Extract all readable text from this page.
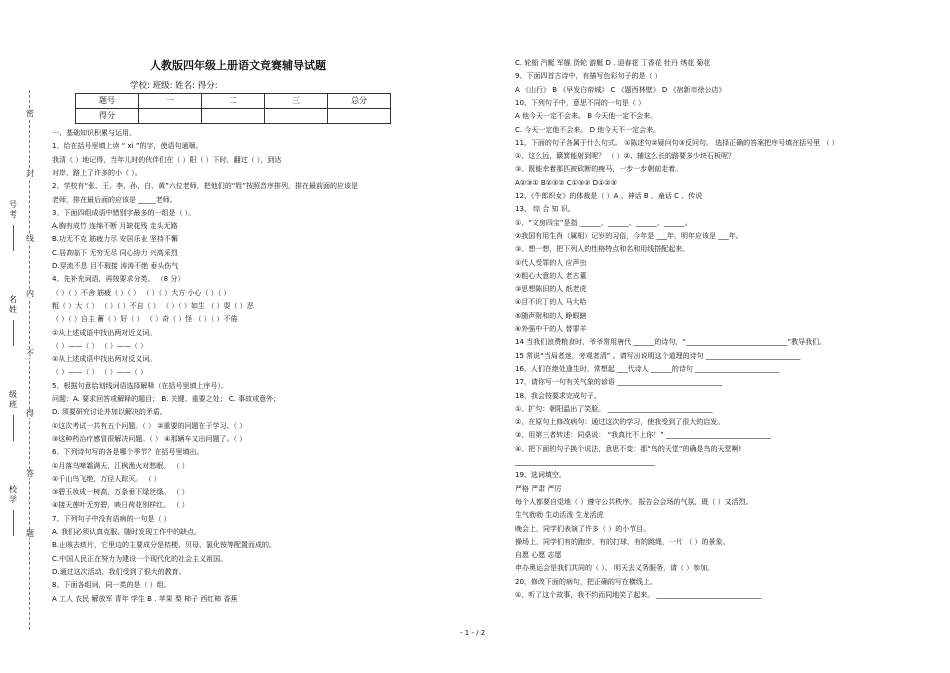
密
封
线
内
不
得
答
题
号考
名姓
级班
校学
人教版四年级上册语文竞赛辅导试题
学校: 班级: 姓名: 得分:
题号	一	二	三	总分
得分				
一、基础知识积累与运用。
1、给在括号里填上读 “ xì ”的字，使语句通顺。
我清（ ）地记得，当年儿时的伙伴们在（ ）阳（ ）下时，翻过（ ），到达
对岸，路上了许多的小（ ）。
2、学校有“张、王、李、孙、白、黄”六位老师，把他们的“姓”按照音序排列，排在最前面的应该是
老师，排在最后面的应该是 _____老师。
3、下面四组成语中错别字最多的一组是（ ）。
A.胸有成竹 连绵不断 月缺花残 走头无路
B.功无不克 筋疲力尽 安居乐业 坚持不懈
C.居高临下 无穷无尽 同心协力 兴高采烈
D.穿流不息 目不瑕接 涛涛不绝 垂头伤气
4、先补充词语，再按要求分类。 （8 分）
（ ）（ ）不舍 筋疲（ ）（ ） （ ）（ ）大方 小心（ ）（ ）
粗（ ）大（ ） （ ）（ ）不自（ ） （ ）（ ）如生 （ ）耍（ ）恶
（ ）（ ）自主 蓄（ ）好（ ） （ ）奇（ ）怪 （ ）（ ）不倦
①从上述成语中找出两对近义词。
（ ）——（ ） （ ）——（ ）
②从上述成语中找出两对反义词。
（ ）——（ ） （ ）——（ ）
5、根据句意给划线词语选择解释（在括号里填上序号）。
问题：A. 要求回答或解释的题目； B. 关键、重要之处； C. 事故或意外；
D. 须要研究讨论并加以解决的矛盾。
①这次考试一共有五个问题。（ ） ②重要的问题在于学习。（ ）
③这种药治疗感冒很解决问题。（ ） ④那辆车又出问题了。（ ）
6、下列诗句写的各是哪个季节？在括号里填出。
①月落乌啼霜满天，江枫渔火对愁眠。 （ ）
②千山鸟飞绝，万径人踪灭。 （ ）
③碧玉妆成一树高，万条垂下绿丝绦。 （ ）
④接天莲叶无穷碧，映日荷花别样红。 （ ）
7、下列句子中没有语病的一句是（ ）
A. 我们必须认真克服、随时发现工作中的缺点。
B.止咳去痰片，它里边的主要成分是桔梗、贝母、氯化铵等配置而成的。
C.中国人民正在努力为建设一个现代化的社会主义祖国。
D.通过这次活动，我们受到了很大的教育。
8、下面各组词，同一类的是（ ）组。
A 工人 农民 解放军 青年 学生 B . 苹果 梨 柿子 西红柿 香蕉
C. 轮船 汽艇 军舰 货轮 游艇 D . 迎春花 丁香花 牡丹 绣花 菊花
9、下面四首古诗中，有描写色彩句子的是（ ）
A 《山行》 B 《早发白帝城》 C 《题西林壁》 D 《宿新市徐公店》
10、下列句子中，意思不同的一句是（ ）
A 他今天一定不会来。 B 今天他一定不会来。
C. 今天一定他不会来。 D 他今天不一定会来。
11、下面的句子各属于什么句式。 ①陈述句②疑问句③反问句。 选择正确的答案把序号填在括号里 （ ）
①、这么远，簸箕能射到呢？ （ ）②、辅这么长的路要多少块石板呢？
③、既能幸着那匹被砍断的瘦马，一步一步朝前走着。
A②③① B②③② C①③② D①②③
12、《牛郎织女》的体裁是（ ）A 、神话 B 、童话 C 、传说
13、 综 合 知 识。
①、“文房四宝”是指 ______、______、______、______。
②我国有用生肖（属相）记岁的习俗，今年是 ___年，明年应该是 ___年。
③、想一想，把下列人的性格特点和名和用线搭配起来。
①代人受罪的人 应声虫
②粗心大意的人 老古董
③思想陈旧的人 纸老虎
④目不识丁的人 马大哈
⑤随声附和的人 睁眼瞎
⑥外强中干的人 替罪羊
14 当我们浪费粮食时，爷爷常用唐代 ______的诗句，“_____________________________”教导我们。
15 常说“当局者迷，旁观者清” 。请写出说明这个道理的诗句 ___________________________
16、人们在绝处逢生时，常想起 ___代诗人 ______的诗句 ________________________
17、请你写一句有关气象的谚语 ______________________________
18、我会按要求完成句子。
①、扩句：朝阳温出了笑脸。 ______________________________
②、在原句上修改病句：通过这次的学习，使我受到了很大的启发。
③、用第三者转述：同桌说： “我真比不上你！” ______________________________
④、把下面的句子换个说法，意思不变：那“鸟的天堂”的确是鸟的天堂啊!
________________________________________
19、选词填空。
严格 严肃 严厉
每个人都要自觉地（ ）遵守公共秩序。 报告会会场的气氛，既（ ）又活烈。
生气勃勃 生动活泼 生龙活虎
晚会上，同学们表演了许多（ ）的小节目。
操场上，同学们有的跑步，有的打球，有的跳绳，一片 （ ）的景象。
自愿 心愿 志愿
申办奥运会是我们共同的（ ）。 明天去义务服务，请（ ）参加。
20、修改下面的病句，把正确的写在横线上。
①、听了这个故事，我不约而同地笑了起来。 ______________________________
- 1 - / 2
